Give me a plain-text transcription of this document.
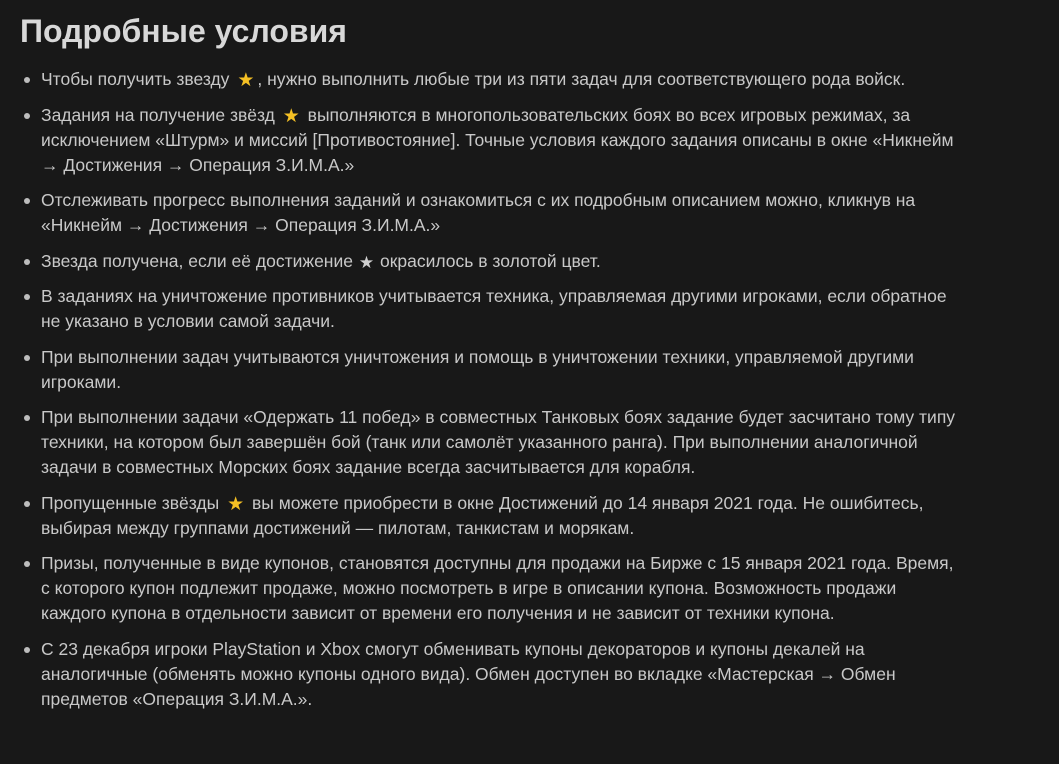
Подробные условия
Чтобы получить звезду ★ , нужно выполнить любые три из пяти задач для соответствующего рода войск.
Задания на получение звёзд ★ выполняются в многопользовательских боях во всех игровых режимах, за исключением «Штурм» и миссий [Противостояние]. Точные условия каждого задания описаны в окне «Никнейм → Достижения → Операция З.И.М.А.»
Отслеживать прогресс выполнения заданий и ознакомиться с их подробным описанием можно, кликнув на «Никнейм → Достижения → Операция З.И.М.А.»
Звезда получена, если её достижение ★ окрасилось в золотой цвет.
В заданиях на уничтожение противников учитывается техника, управляемая другими игроками, если обратное не указано в условии самой задачи.
При выполнении задач учитываются уничтожения и помощь в уничтожении техники, управляемой другими игроками.
При выполнении задачи «Одержать 11 побед» в совместных Танковых боях задание будет засчитано тому типу техники, на котором был завершён бой (танк или самолёт указанного ранга). При выполнении аналогичной задачи в совместных Морских боях задание всегда засчитывается для корабля.
Пропущенные звёзды ★ вы можете приобрести в окне Достижений до 14 января 2021 года. Не ошибитесь, выбирая между группами достижений — пилотам, танкистам и морякам.
Призы, полученные в виде купонов, становятся доступны для продажи на Бирже с 15 января 2021 года. Время, с которого купон подлежит продаже, можно посмотреть в игре в описании купона. Возможность продажи каждого купона в отдельности зависит от времени его получения и не зависит от техники купона.
С 23 декабря игроки PlayStation и Xbox смогут обменивать купоны декораторов и купоны декалей на аналогичные (обменять можно купоны одного вида). Обмен доступен во вкладке «Мастерская → Обмен предметов «Операция З.И.М.А.».
